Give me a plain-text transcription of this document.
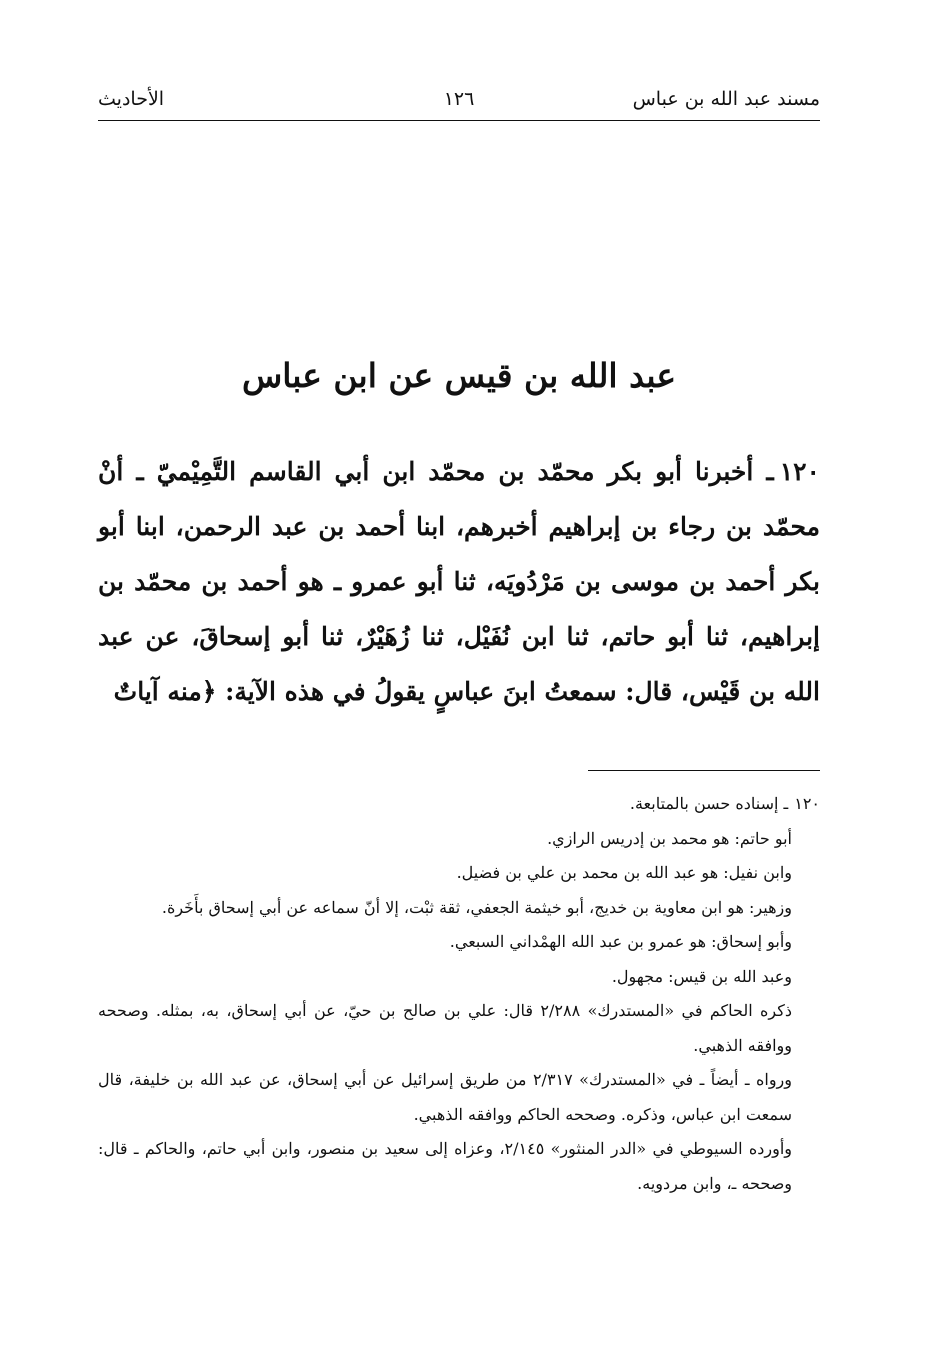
مسند عبد الله بن عباس
١٢٦
الأحاديث
عبد الله بن قيس عن ابن عباس
١٢٠ـ أخبرنا أبو بكر محمّد بن محمّد ابن أبي القاسم التَّمِيْميّ ـ أنْ محمّد بن رجاء بن إبراهيم أخبرهم، ابنا أحمد بن عبد الرحمن، ابنا أبو بكر أحمد بن موسى بن مَرْدُويَه، ثنا أبو عمرو ـ هو أحمد بن محمّد بن إبراهيم، ثنا أبو حاتم، ثنا ابن نُفَيْل، ثنا زُهَيْرٌ، ثنا أبو إسحاقَ، عن عبد الله بن قَيْس، قال: سمعتُ ابنَ عباسٍ يقولُ في هذه الآية: ﴿منه آياتٌ
١٢٠ـ إسناده حسن بالمتابعة.
أبو حاتم: هو محمد بن إدريس الرازي.
وابن نفيل: هو عبد الله بن محمد بن علي بن فضيل.
وزهير: هو ابن معاوية بن خديج، أبو خيثمة الجعفي، ثقة ثبْت، إلا أنّ سماعه عن أبي إسحاق بأَخَرة.
وأبو إسحاق: هو عمرو بن عبد الله الهمْداني السبعي.
وعبد الله بن قيس: مجهول.
ذكره الحاكم في «المستدرك» ٢/٢٨٨ قال: علي بن صالح بن حيّ، عن أبي إسحاق، به، بمثله. وصححه ووافقه الذهبي.
ورواه ـ أيضاً ـ في «المستدرك» ٢/٣١٧ من طريق إسرائيل عن أبي إسحاق، عن عبد الله بن خليفة، قال سمعت ابن عباس، وذكره. وصححه الحاكم ووافقه الذهبي.
وأورده السيوطي في «الدر المنثور» ٢/١٤٥، وعزاه إلى سعيد بن منصور، وابن أبي حاتم، والحاكم ـ قال: وصححه ـ، وابن مردويه.
